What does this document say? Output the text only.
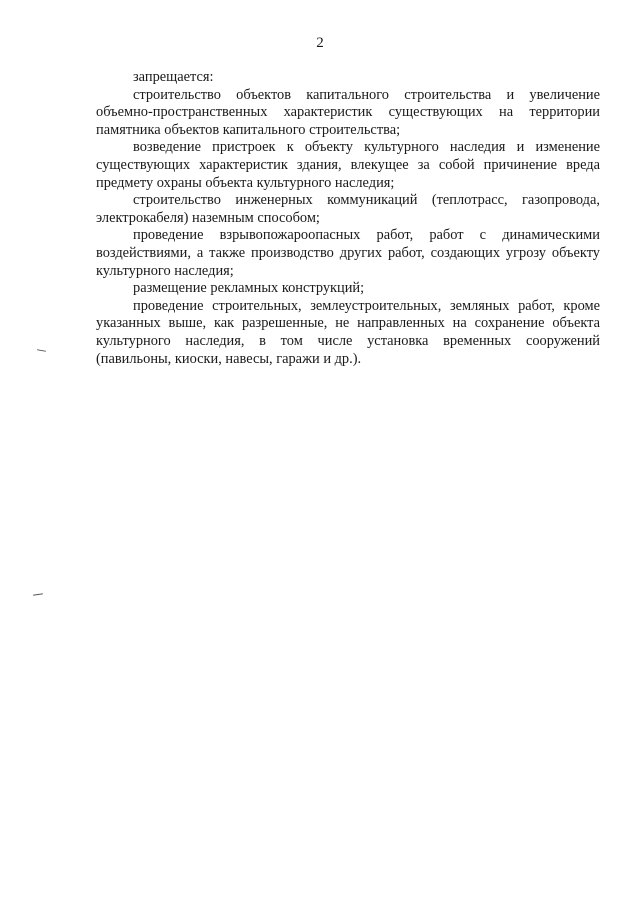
2

запрещается:

строительство объектов капитального строительства и увеличение объемно-пространственных характеристик существующих на территории памятника объектов капитального строительства;

возведение пристроек к объекту культурного наследия и изменение существующих характеристик здания, влекущее за собой причинение вреда предмету охраны объекта культурного наследия;

строительство инженерных коммуникаций (теплотрасс, газопровода, электрокабеля) наземным способом;

проведение взрывопожароопасных работ, работ с динамическими воздействиями, а также производство других работ, создающих угрозу объекту культурного наследия;

размещение рекламных конструкций;

проведение строительных, землеустроительных, земляных работ, кроме указанных выше, как разрешенные, не направленных на сохранение объекта культурного наследия, в том числе установка временных сооружений (павильоны, киоски, навесы, гаражи и др.).
